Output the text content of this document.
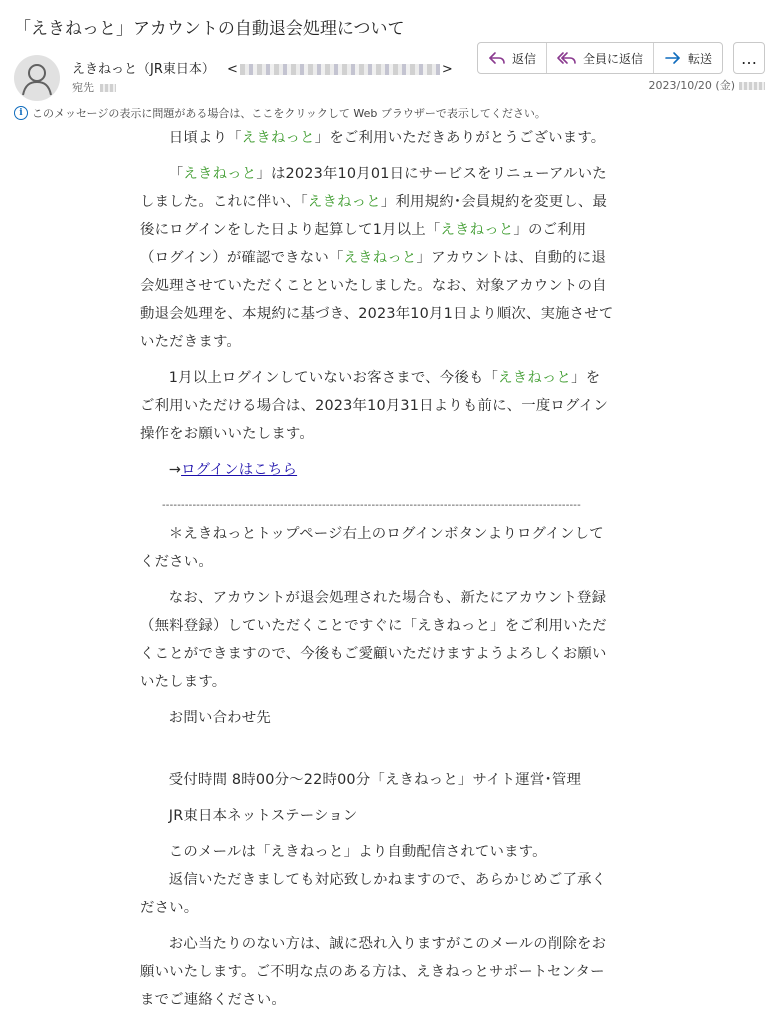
「えきねっと」アカウントの自動退会処理について
えきねっと（JR東日本） <	>
宛先
返信	全員に返信	転送 …
2023/10/20 (金)
i このメッセージの表示に問題がある場合は、ここをクリックして Web ブラウザーで表示してください。

日頃より「えきねっと」をご利用いただきありがとうございます。

「えきねっと」は2023年10月01日にサービスをリニューアルいたしました。これに伴い、「えきねっと」利用規約･会員規約を変更し、最後にログインをした日より起算して1月以上「えきねっと」のご利用（ログイン）が確認できない「えきねっと」アカウントは、自動的に退会処理させていただくことといたしました。なお、対象アカウントの自動退会処理を、本規約に基づき、2023年10月1日より順次、実施させていただきます。

1月以上ログインしていないお客さまで、今後も「えきねっと」をご利用いただける場合は、2023年10月31日よりも前に、一度ログイン操作をお願いいたします。

→ログインはこちら

--------------------------------------------------------------------------------------------------------------

＊えきねっとトップページ右上のログインボタンよりログインしてください。

なお、アカウントが退会処理された場合も、新たにアカウント登録（無料登録）していただくことですぐに「えきねっと」をご利用いただくことができますので、今後もご愛顧いただけますようよろしくお願いいたします。

お問い合わせ先

受付時間 8時00分～22時00分「えきねっと」サイト運営･管理

JR東日本ネットステーション

このメールは「えきねっと」より自動配信されています。

返信いただきましても対応致しかねますので、あらかじめご了承ください。

お心当たりのない方は、誠に恐れ入りますがこのメールの削除をお願いいたします。ご不明な点のある方は、えきねっとサポートセンターまでご連絡ください。
